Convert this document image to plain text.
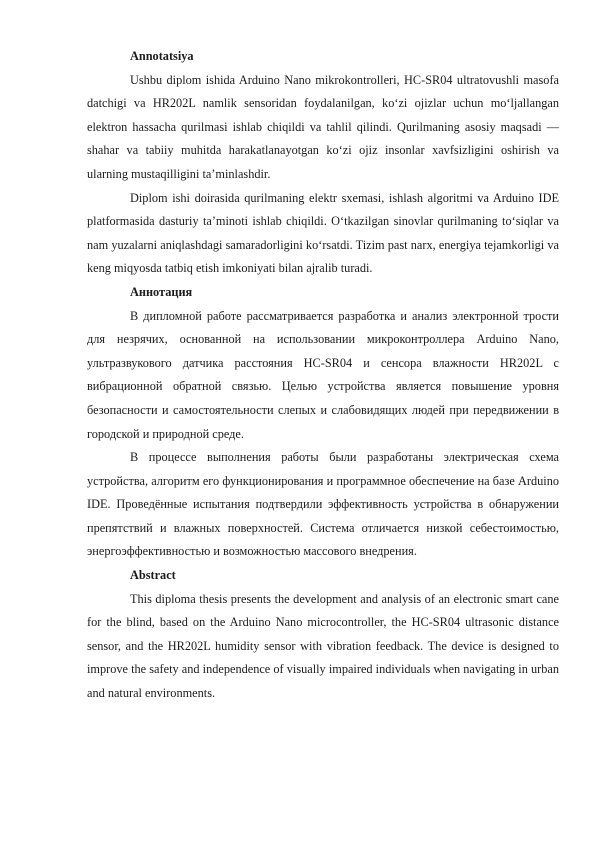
Annotatsiya

Ushbu diplom ishida Arduino Nano mikrokontrolleri, HC-SR04 ultratovushli masofa datchigi va HR202L namlik sensoridan foydalanilgan, ko‘zi ojizlar uchun mo‘ljallangan elektron hassacha qurilmasi ishlab chiqildi va tahlil qilindi. Qurilmaning asosiy maqsadi — shahar va tabiiy muhitda harakatlanayotgan ko‘zi ojiz insonlar xavfsizligini oshirish va ularning mustaqilligini ta’minlashdir.

Diplom ishi doirasida qurilmaning elektr sxemasi, ishlash algoritmi va Arduino IDE platformasida dasturiy ta’minoti ishlab chiqildi. O‘tkazilgan sinovlar qurilmaning to‘siqlar va nam yuzalarni aniqlashdagi samaradorligini ko‘rsatdi. Tizim past narx, energiya tejamkorligi va keng miqyosda tatbiq etish imkoniyati bilan ajralib turadi.

Аннотация

В дипломной работе рассматривается разработка и анализ электронной трости для незрячих, основанной на использовании микроконтроллера Arduino Nano, ультразвукового датчика расстояния HC-SR04 и сенсора влажности HR202L с вибрационной обратной связью. Целью устройства является повышение уровня безопасности и самостоятельности слепых и слабовидящих людей при передвижении в городской и природной среде.

В процессе выполнения работы были разработаны электрическая схема устройства, алгоритм его функционирования и программное обеспечение на базе Arduino IDE. Проведённые испытания подтвердили эффективность устройства в обнаружении препятствий и влажных поверхностей. Система отличается низкой себестоимостью, энергоэффективностью и возможностью массового внедрения.

Abstract

This diploma thesis presents the development and analysis of an electronic smart cane for the blind, based on the Arduino Nano microcontroller, the HC-SR04 ultrasonic distance sensor, and the HR202L humidity sensor with vibration feedback. The device is designed to improve the safety and independence of visually impaired individuals when navigating in urban and natural environments.
